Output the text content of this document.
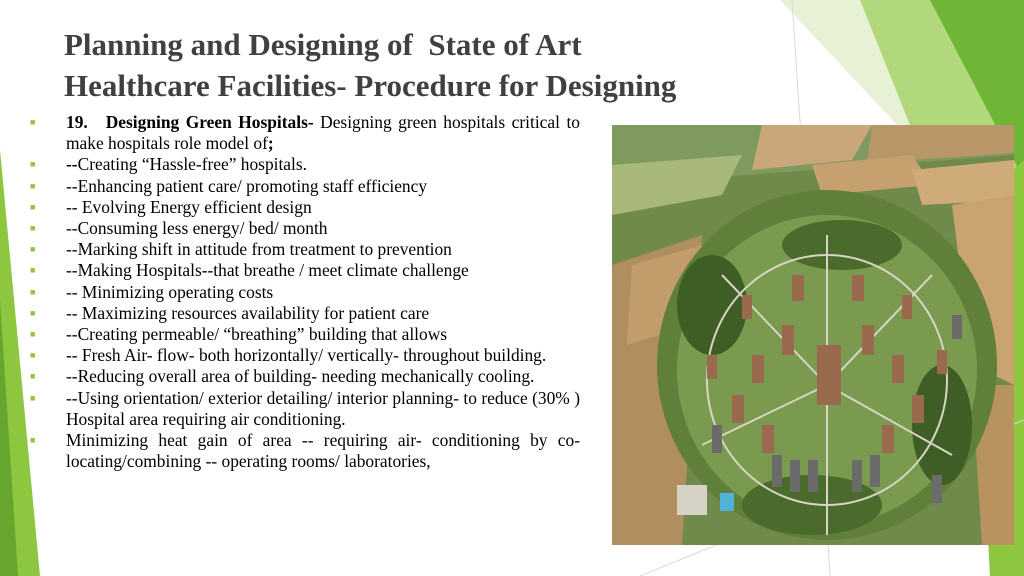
Planning and Designing of  State of Art
Healthcare Facilities- Procedure for Designing
■ 19. Designing Green Hospitals- Designing green hospitals critical to make hospitals role model of;
■ --Creating “Hassle-free” hospitals.
■ --Enhancing patient care/ promoting staff efficiency
■ -- Evolving Energy efficient design
■ --Consuming less energy/ bed/ month
■ --Marking shift in attitude from treatment to prevention
■ --Making Hospitals--that breathe / meet climate challenge
■ -- Minimizing operating costs
■ -- Maximizing resources availability for patient care
■ --Creating permeable/ “breathing” building that allows
■ -- Fresh Air- flow- both horizontally/ vertically- throughout building.
■ --Reducing overall area of building- needing mechanically cooling.
■ --Using orientation/ exterior detailing/ interior planning- to reduce (30% ) Hospital area requiring air conditioning.
■ Minimizing heat gain of area -- requiring air- conditioning by co-locating/combining -- operating rooms/ laboratories,
